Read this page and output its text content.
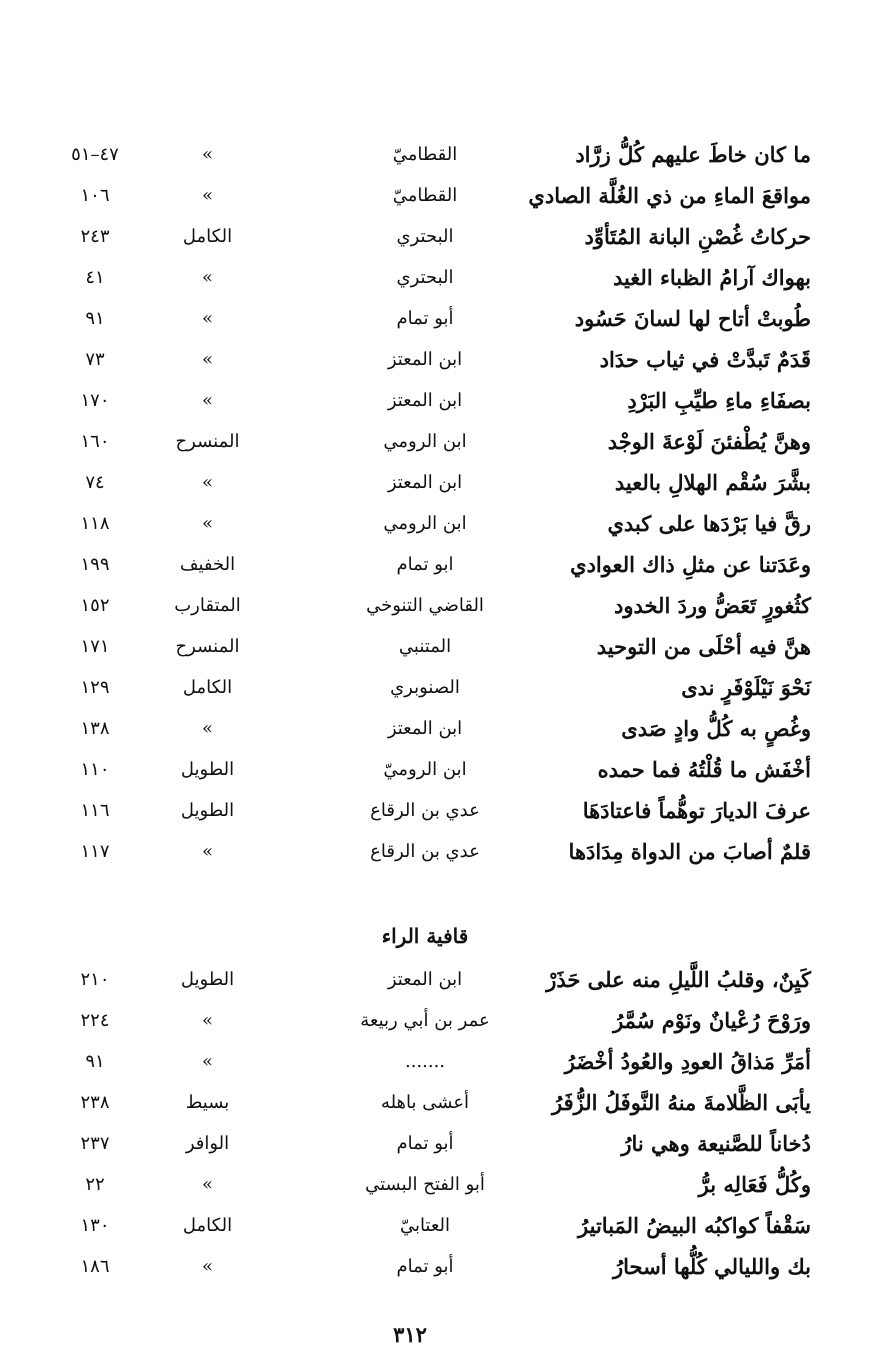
قافية الراء
٣١٢
ما كان خاطَ عليهم كُلُّ زرَّاد
القطاميّ
»
٤٧–٥١
مواقعَ الماءِ من ذي الغُلَّة الصادي
القطاميّ
»
١٠٦
حركاتُ غُصْنِ البانة المُتَأوِّد
البحتري
الكامل
٢٤٣
بهواك آرامُ الظباء الغيد
البحتري
»
٤١
طُوبتْ أتاح لها لسانَ حَسُود
أبو تمام
»
٩١
قَدَمٌ تَبدَّتْ في ثياب حدَاد
ابن المعتز
»
٧٣
بصفَاءِ ماءِ طيِّبِ البَرْدِ
ابن المعتز
»
١٧٠
وهنَّ يُطْفئنَ لَوْعةَ الوجْد
ابن الرومي
المنسرح
١٦٠
بشَّرَ سُقْم الهلالِ بالعيد
ابن المعتز
»
٧٤
رقَّ فيا بَرْدَها على كبدي
ابن الرومي
»
١١٨
وعَدَتنا عن مثلِ ذاك العوادي
ابو تمام
الخفيف
١٩٩
كثُغورٍ تَعَضُّ وردَ الخدود
القاضي التنوخي
المتقارب
١٥٢
هنَّ فيه أحْلَى من التوحيد
المتنبي
المنسرح
١٧١
نَحْوَ نَيْلَوْفَرٍ ندى
الصنوبري
الكامل
١٢٩
وغُصٍ به كُلُّ وادٍ صَدى
ابن المعتز
»
١٣٨
أخْفَش ما قُلْتُهُ فما حمده
ابن الروميّ
الطويل
١١٠
عرفَ الديارَ توهُّماً فاعتادَهَا
عدي بن الرقاع
الطويل
١١٦
قلمٌ أصابَ من الدواة مِدَادَها
عدي بن الرقاع
»
١١٧
كَيِنٌ، وقلبُ اللَّيلِ منه على حَذَرْ
ابن المعتز
الطويل
٢١٠
ورَوْحَ رُعْيانٌ ونَوْم سُمَّرُ
عمر بن أبي ربيعة
»
٢٢٤
أمَرِّ مَذاقُ العودِ والعُودُ أخْضَرُ
.......
»
٩١
يأبَى الظَّلامةَ منهُ النَّوفَلُ الزُّفَرُ
أعشى باهله
بسيط
٢٣٨
دُخاناً للصَّنيعة وهي نارُ
أبو تمام
الوافر
٢٣٧
وكُلُّ فَعَالِه برُّ
أبو الفتح البستي
»
٢٢
سَقْفاً كواكبُه البيضُ المَباتيرُ
العتابيّ
الكامل
١٣٠
بك والليالي كُلُّها أسحارُ
أبو تمام
»
١٨٦
